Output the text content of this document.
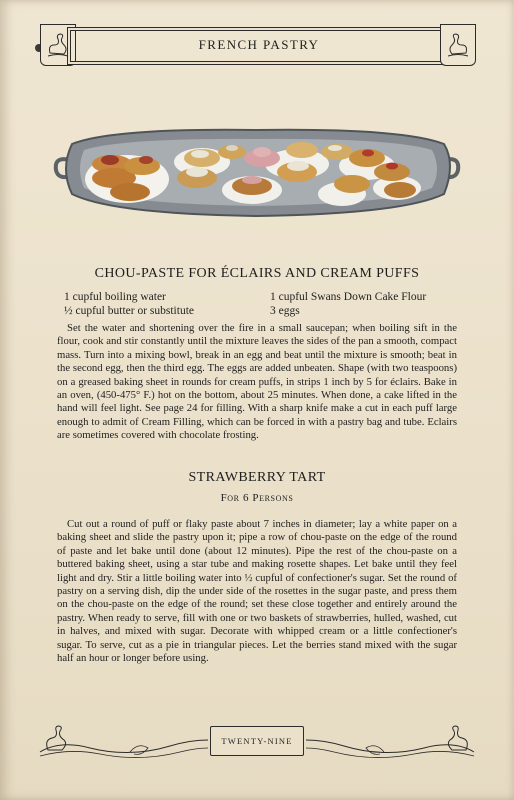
FRENCH PASTRY
CHOU-PASTE FOR ÉCLAIRS AND CREAM PUFFS
1 cupful boiling water
½ cupful butter or substitute
1 cupful Swans Down Cake Flour
3 eggs
Set the water and shortening over the fire in a small saucepan; when boiling sift in the flour, cook and stir constantly until the mixture leaves the sides of the pan a smooth, compact mass. Turn into a mixing bowl, break in an egg and beat until the mixture is smooth; beat in the second egg, then the third egg. The eggs are added unbeaten. Shape (with two teaspoons) on a greased baking sheet in rounds for cream puffs, in strips 1 inch by 5 for éclairs. Bake in an oven, (450-475° F.) hot on the bottom, about 25 minutes. When done, a cake lifted in the hand will feel light. See page 24 for filling. With a sharp knife make a cut in each puff large enough to admit of Cream Filling, which can be forced in with a pastry bag and tube. Eclairs are sometimes covered with chocolate frosting.
STRAWBERRY TART
For 6 Persons
Cut out a round of puff or flaky paste about 7 inches in diameter; lay a white paper on a baking sheet and slide the pastry upon it; pipe a row of chou-paste on the edge of the round of paste and let bake until done (about 12 minutes). Pipe the rest of the chou-paste on a buttered baking sheet, using a star tube and making rosette shapes. Let bake until they feel light and dry. Stir a little boiling water into ½ cupful of confectioner's sugar. Set the round of pastry on a serving dish, dip the under side of the rosettes in the sugar paste, and press them on the chou-paste on the edge of the round; set these close together and entirely around the pastry. When ready to serve, fill with one or two baskets of strawberries, hulled, washed, cut in halves, and mixed with sugar. Decorate with whipped cream or a little confectioner's sugar. To serve, cut as a pie in triangular pieces. Let the berries stand mixed with the sugar half an hour or longer before using.
TWENTY-NINE
